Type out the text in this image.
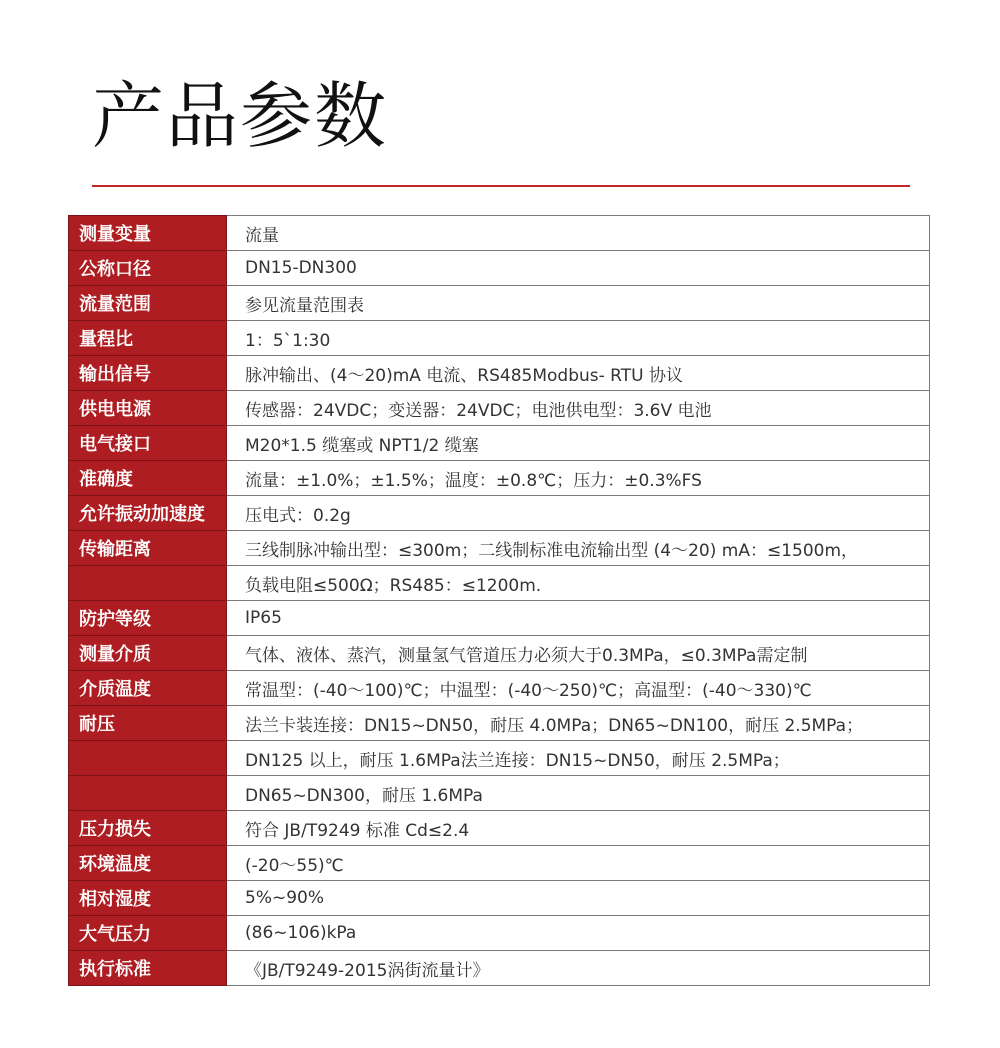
产品参数
测量变量	流量
公称口径	DN15-DN300
流量范围	参见流量范围表
量程比	1：5`1:30
输出信号	脉冲输出、(4～20)mA 电流、RS485Modbus- RTU 协议
供电电源	传感器：24VDC；变送器：24VDC；电池供电型：3.6V 电池
电气接口	M20*1.5 缆塞或 NPT1/2 缆塞
准确度	流量：±1.0%；±1.5%；温度：±0.8℃；压力：±0.3%FS
允许振动加速度	压电式：0.2g
传输距离	三线制脉冲输出型：≤300m；二线制标准电流输出型 (4～20) mA：≤1500m，
	负载电阻≤500Ω；RS485：≤1200m.
防护等级	IP65
测量介质	气体、液体、蒸汽，测量氢气管道压力必须大于0.3MPa，≤0.3MPa需定制
介质温度	常温型：(-40～100)℃；中温型：(-40～250)℃；高温型：(-40～330)℃
耐压	法兰卡装连接：DN15~DN50，耐压 4.0MPa；DN65~DN100，耐压 2.5MPa；
	DN125 以上，耐压 1.6MPa法兰连接：DN15~DN50，耐压 2.5MPa；
	DN65~DN300，耐压 1.6MPa
压力损失	符合 JB/T9249 标准 Cd≤2.4
环境温度	(-20～55)℃
相对湿度	5%~90%
大气压力	(86~106)kPa
执行标准	《JB/T9249-2015涡街流量计》
